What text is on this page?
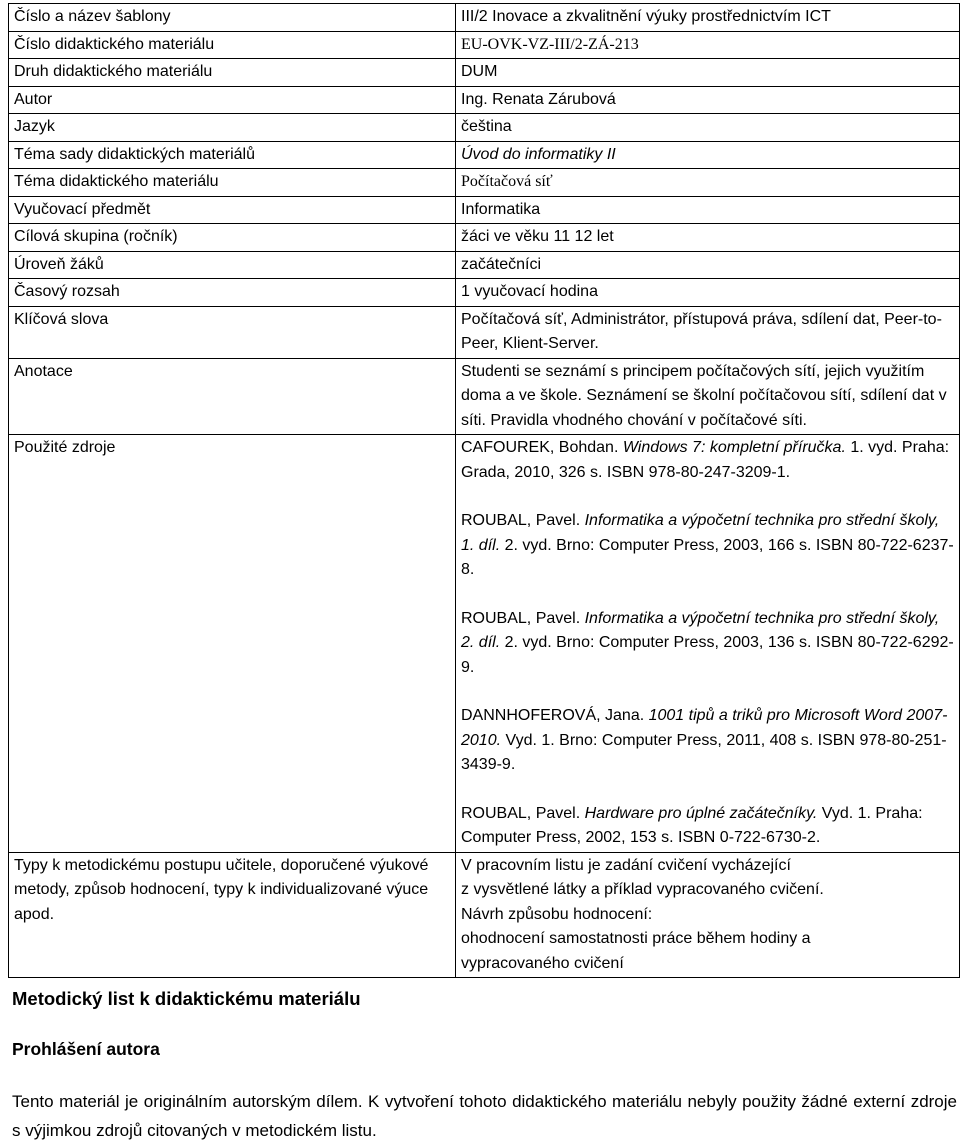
Číslo a název šablony	III/2 Inovace a zkvalitnění výuky prostřednictvím ICT
Číslo didaktického materiálu	EU-OVK-VZ-III/2-ZÁ-213
Druh didaktického materiálu	DUM
Autor	Ing. Renata Zárubová
Jazyk	čeština
Téma sady didaktických materiálů	Úvod do informatiky II
Téma didaktického materiálu	Počítačová síť
Vyučovací předmět	Informatika
Cílová skupina (ročník)	žáci ve věku 11 12 let
Úroveň žáků	začátečníci
Časový rozsah	1 vyučovací hodina
Klíčová slova	Počítačová síť, Administrátor, přístupová práva, sdílení dat, Peer-to-Peer, Klient-Server.
Anotace	Studenti se seznámí s principem počítačových sítí, jejich využitím doma a ve škole. Seznámení se školní počítačovou sítí, sdílení dat v síti. Pravidla vhodného chování v počítačové síti.
Použité zdroje	CAFOUREK, Bohdan. Windows 7: kompletní příručka. 1. vyd. Praha: Grada, 2010, 326 s. ISBN 978-80-247-3209-1.

ROUBAL, Pavel. Informatika a výpočetní technika pro střední školy, 1. díl. 2. vyd. Brno: Computer Press, 2003, 166 s. ISBN 80-722-6237-8.

ROUBAL, Pavel. Informatika a výpočetní technika pro střední školy, 2. díl. 2. vyd. Brno: Computer Press, 2003, 136 s. ISBN 80-722-6292-9.

DANNHOFEROVÁ, Jana. 1001 tipů a triků pro Microsoft Word 2007-2010. Vyd. 1. Brno: Computer Press, 2011, 408 s. ISBN 978-80-251-3439-9.

ROUBAL, Pavel. Hardware pro úplné začátečníky. Vyd. 1. Praha: Computer Press, 2002, 153 s. ISBN 0-722-6730-2.

Typy k metodickému postupu učitele, doporučené výukové metody, způsob hodnocení, typy k individualizované výuce apod.	V pracovním listu je zadání cvičení vycházející
z vysvětlené látky a příklad vypracovaného cvičení.
Návrh způsobu hodnocení:
ohodnocení samostatnosti práce během hodiny a
vypracovaného cvičení
Metodický list k didaktickému materiálu
Prohlášení autora

Tento materiál je originálním autorským dílem. K vytvoření tohoto didaktického materiálu nebyly použity žádné externí zdroje s výjimkou zdrojů citovaných v metodickém listu.
